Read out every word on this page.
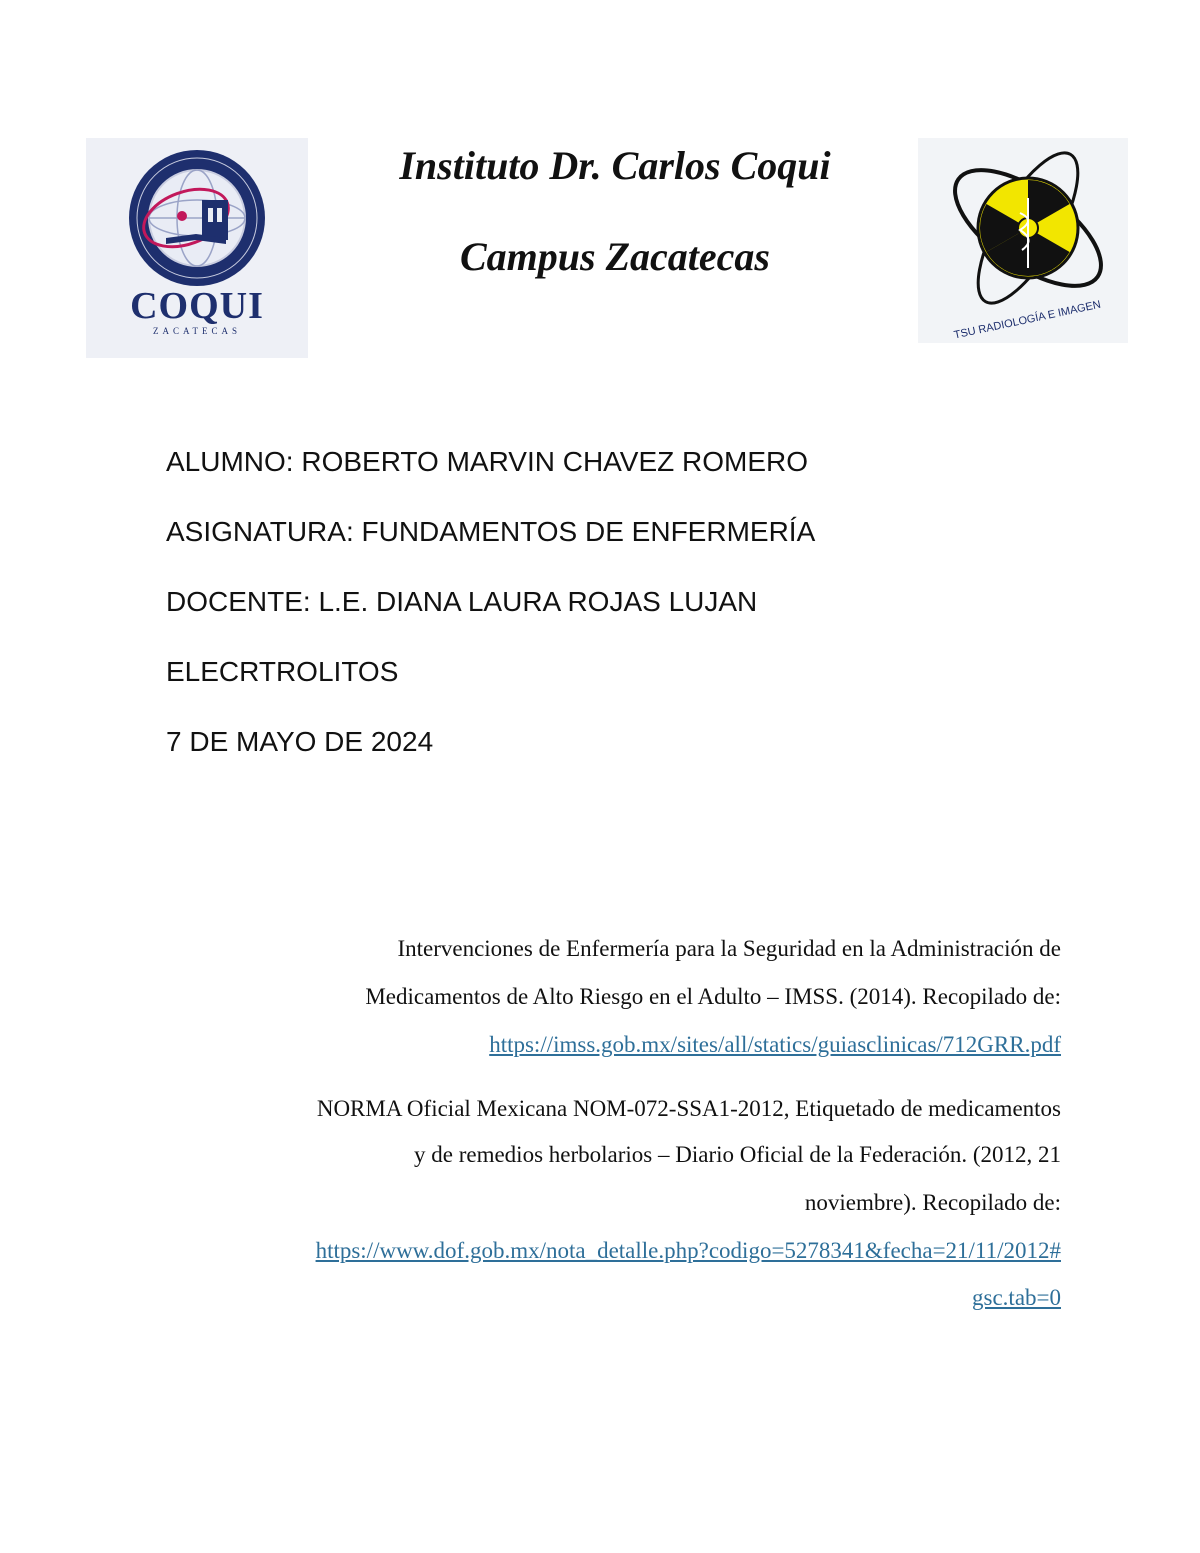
COQUI
ZACATECAS
Instituto Dr. Carlos Coqui
Campus Zacatecas
TSU RADIOLOGÍA E IMAGEN
ALUMNO: ROBERTO MARVIN CHAVEZ ROMERO
ASIGNATURA: FUNDAMENTOS DE ENFERMERÍA
DOCENTE: L.E. DIANA LAURA ROJAS LUJAN
ELECRTROLITOS
7 DE MAYO DE 2024
Intervenciones de Enfermería para la Seguridad en la Administración de
Medicamentos de Alto Riesgo en el Adulto – IMSS. (2014). Recopilado de:
https://imss.gob.mx/sites/all/statics/guiasclinicas/712GRR.pdf
NORMA Oficial Mexicana NOM-072-SSA1-2012, Etiquetado de medicamentos
y de remedios herbolarios – Diario Oficial de la Federación. (2012, 21
noviembre). Recopilado de:
https://www.dof.gob.mx/nota_detalle.php?codigo=5278341&fecha=21/11/2012#
gsc.tab=0
